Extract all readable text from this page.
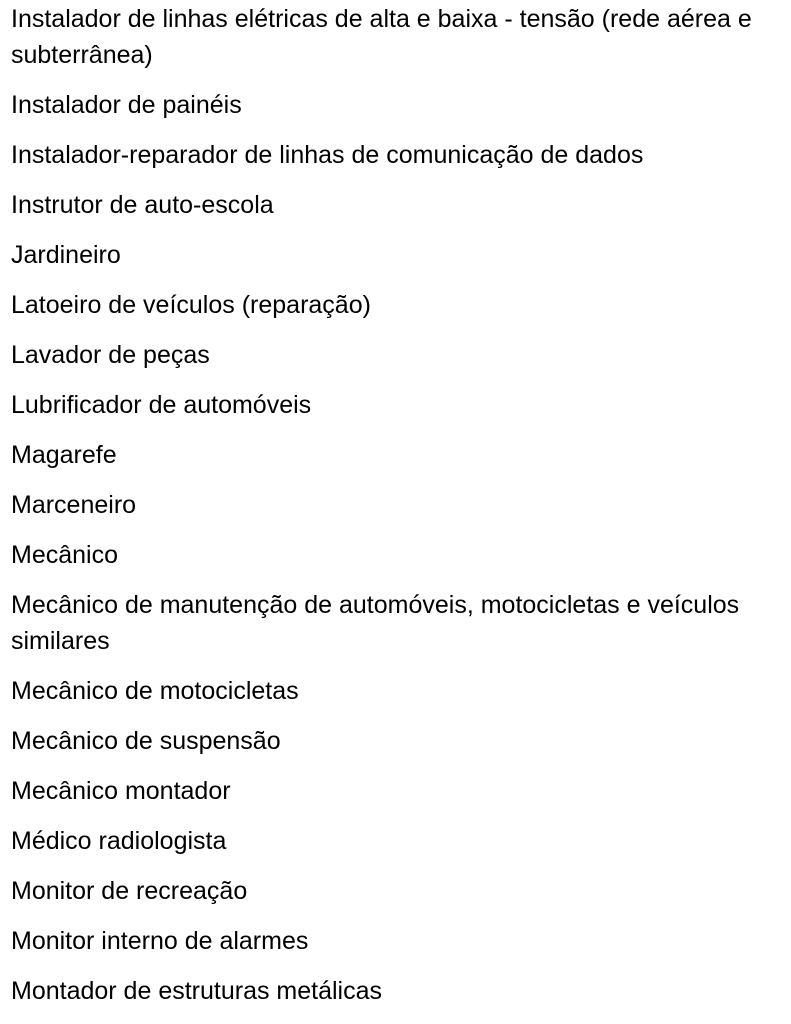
Instalador de linhas elétricas de alta e baixa - tensão (rede aérea e subterrânea)
Instalador de painéis
Instalador-reparador de linhas de comunicação de dados
Instrutor de auto-escola
Jardineiro
Latoeiro de veículos (reparação)
Lavador de peças
Lubrificador de automóveis
Magarefe
Marceneiro
Mecânico
Mecânico de manutenção de automóveis, motocicletas e veículos similares
Mecânico de motocicletas
Mecânico de suspensão
Mecânico montador
Médico radiologista
Monitor de recreação
Monitor interno de alarmes
Montador de estruturas metálicas
